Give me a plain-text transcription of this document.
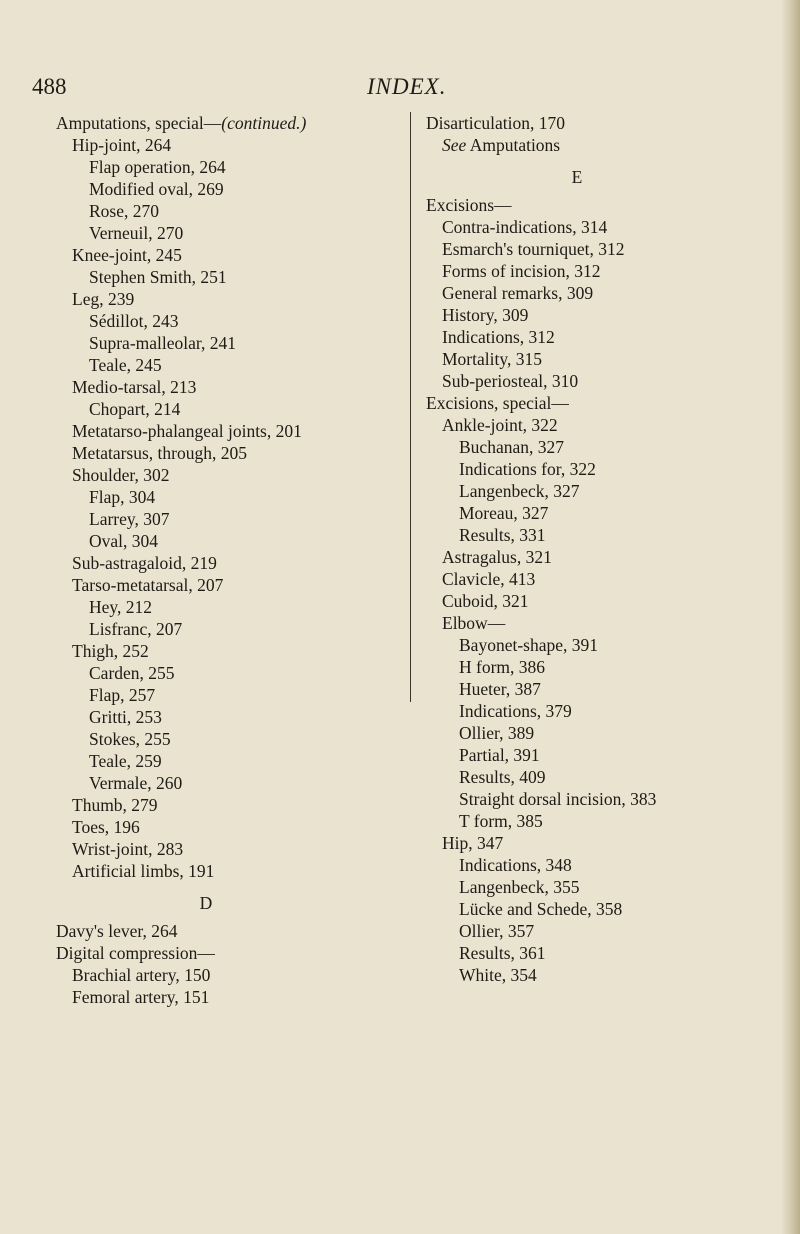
488	INDEX.
Amputations, special—(continued.)
Hip-joint, 264
Flap operation, 264
Modified oval, 269
Rose, 270
Verneuil, 270
Knee-joint, 245
Stephen Smith, 251
Leg, 239
Sédillot, 243
Supra-malleolar, 241
Teale, 245
Medio-tarsal, 213
Chopart, 214
Metatarso-phalangeal joints, 201
Metatarsus, through, 205
Shoulder, 302
Flap, 304
Larrey, 307
Oval, 304
Sub-astragaloid, 219
Tarso-metatarsal, 207
Hey, 212
Lisfranc, 207
Thigh, 252
Carden, 255
Flap, 257
Gritti, 253
Stokes, 255
Teale, 259
Vermale, 260
Thumb, 279
Toes, 196
Wrist-joint, 283
Artificial limbs, 191
D
Davy's lever, 264
Digital compression—
Brachial artery, 150
Femoral artery, 151
Disarticulation, 170
See Amputations
E
Excisions—
Contra-indications, 314
Esmarch's tourniquet, 312
Forms of incision, 312
General remarks, 309
History, 309
Indications, 312
Mortality, 315
Sub-periosteal, 310
Excisions, special—
Ankle-joint, 322
Buchanan, 327
Indications for, 322
Langenbeck, 327
Moreau, 327
Results, 331
Astragalus, 321
Clavicle, 413
Cuboid, 321
Elbow—
Bayonet-shape, 391
H form, 386
Hueter, 387
Indications, 379
Ollier, 389
Partial, 391
Results, 409
Straight dorsal incision, 383
T form, 385
Hip, 347
Indications, 348
Langenbeck, 355
Lücke and Schede, 358
Ollier, 357
Results, 361
White, 354
